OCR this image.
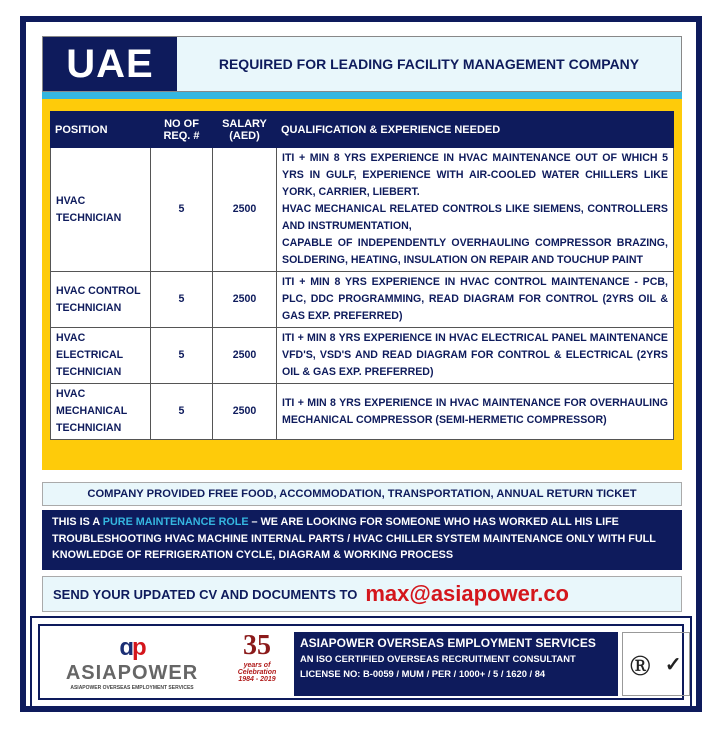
UAE	REQUIRED FOR LEADING FACILITY MANAGEMENT COMPANY
POSITION	NO OF REQ. #	SALARY (AED)	QUALIFICATION & EXPERIENCE NEEDED
HVAC TECHNICIAN	5	2500	ITI + MIN 8 YRS EXPERIENCE IN HVAC MAINTENANCE OUT OF WHICH 5 YRS IN GULF, EXPERIENCE WITH AIR-COOLED WATER CHILLERS LIKE YORK, CARRIER, LIEBERT.
HVAC MECHANICAL RELATED CONTROLS LIKE SIEMENS, CONTROLLERS AND INSTRUMENTATION,
CAPABLE OF INDEPENDENTLY OVERHAULING COMPRESSOR BRAZING, SOLDERING, HEATING, INSULATION ON REPAIR AND TOUCHUP PAINT

HVAC CONTROL TECHNICIAN	5	2500	ITI + MIN 8 YRS EXPERIENCE IN HVAC CONTROL MAINTENANCE - PCB, PLC, DDC PROGRAMMING, READ DIAGRAM FOR CONTROL (2YRS OIL & GAS EXP. PREFERRED)
HVAC ELECTRICAL TECHNICIAN	5	2500	ITI + MIN 8 YRS EXPERIENCE IN HVAC ELECTRICAL PANEL MAINTENANCE VFD'S, VSD'S AND READ DIAGRAM FOR CONTROL & ELECTRICAL (2YRS OIL & GAS EXP. PREFERRED)
HVAC MECHANICAL TECHNICIAN	5	2500	ITI + MIN 8 YRS EXPERIENCE IN HVAC MAINTENANCE FOR OVERHAULING MECHANICAL COMPRESSOR (SEMI-HERMETIC COMPRESSOR)
COMPANY PROVIDED FREE FOOD, ACCOMMODATION, TRANSPORTATION, ANNUAL RETURN TICKET
THIS IS A PURE MAINTENANCE ROLE – WE ARE LOOKING FOR SOMEONE WHO HAS WORKED ALL HIS LIFE TROUBLESHOOTING HVAC MACHINE INTERNAL PARTS / HVAC CHILLER SYSTEM MAINTENANCE ONLY WITH FULL KNOWLEDGE OF REFRIGERATION CYCLE, DIAGRAM & WORKING PROCESS
SEND YOUR UPDATED CV AND DOCUMENTS TO max@asiapower.co
ɑp
ASIAPOWER
ASIAPOWER OVERSEAS EMPLOYMENT SERVICES
35
years of Celebration
1984 - 2019
ASIAPOWER OVERSEAS EMPLOYMENT SERVICES
AN ISO CERTIFIED OVERSEAS RECRUITMENT CONSULTANT
LICENSE NO: B-0059 / MUM / PER / 1000+ / 5 / 1620 / 84	Ⓡ ✓
